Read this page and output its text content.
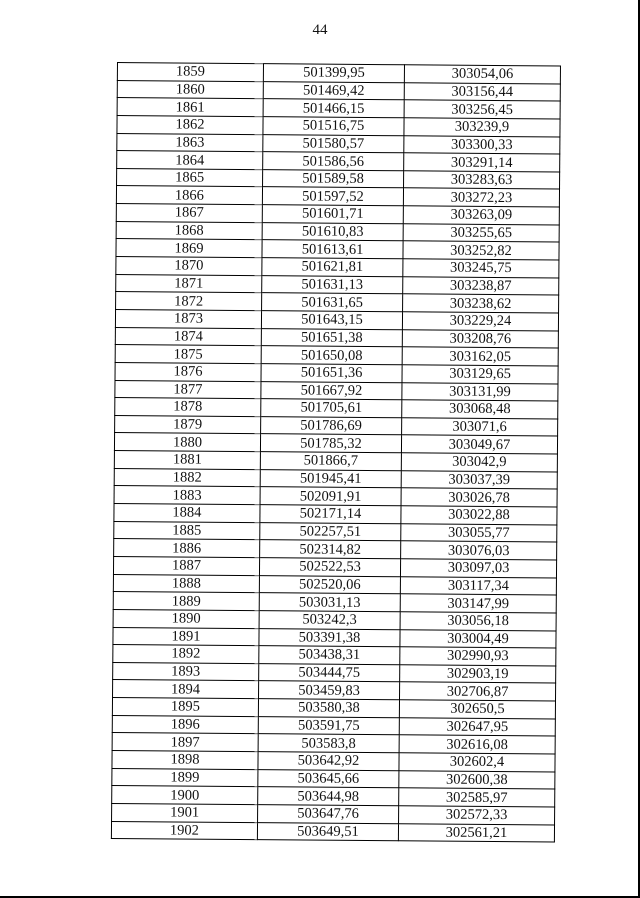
44
1859	501399,95	303054,06
1860	501469,42	303156,44
1861	501466,15	303256,45
1862	501516,75	303239,9
1863	501580,57	303300,33
1864	501586,56	303291,14
1865	501589,58	303283,63
1866	501597,52	303272,23
1867	501601,71	303263,09
1868	501610,83	303255,65
1869	501613,61	303252,82
1870	501621,81	303245,75
1871	501631,13	303238,87
1872	501631,65	303238,62
1873	501643,15	303229,24
1874	501651,38	303208,76
1875	501650,08	303162,05
1876	501651,36	303129,65
1877	501667,92	303131,99
1878	501705,61	303068,48
1879	501786,69	303071,6
1880	501785,32	303049,67
1881	501866,7	303042,9
1882	501945,41	303037,39
1883	502091,91	303026,78
1884	502171,14	303022,88
1885	502257,51	303055,77
1886	502314,82	303076,03
1887	502522,53	303097,03
1888	502520,06	303117,34
1889	503031,13	303147,99
1890	503242,3	303056,18
1891	503391,38	303004,49
1892	503438,31	302990,93
1893	503444,75	302903,19
1894	503459,83	302706,87
1895	503580,38	302650,5
1896	503591,75	302647,95
1897	503583,8	302616,08
1898	503642,92	302602,4
1899	503645,66	302600,38
1900	503644,98	302585,97
1901	503647,76	302572,33
1902	503649,51	302561,21
